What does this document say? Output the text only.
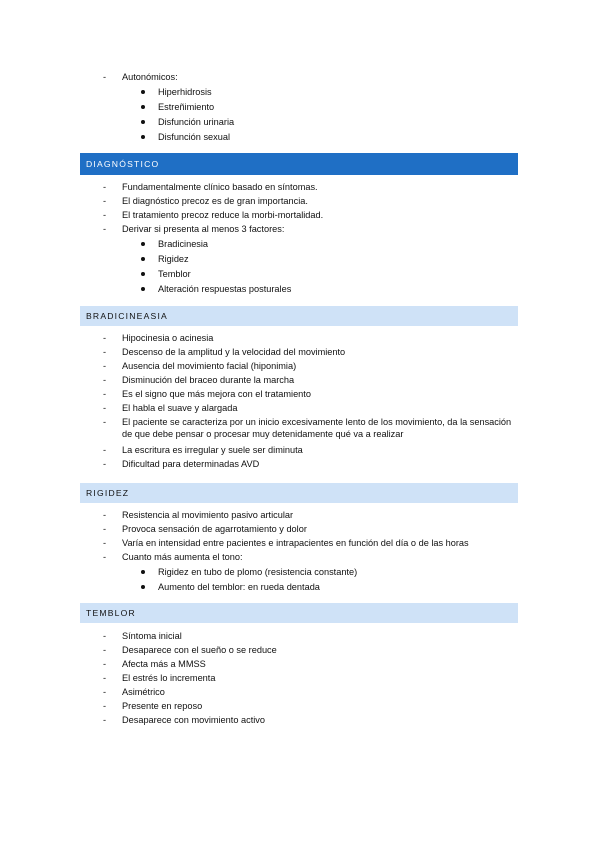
-	Autonómicos:
Hiperhidrosis
Estreñimiento
Disfunción urinaria
Disfunción sexual
DIAGNÓSTICO
-	Fundamentalmente clínico basado en síntomas.
-	El diagnóstico precoz es de gran importancia.
-	El tratamiento precoz reduce la morbi-mortalidad.
-	Derivar si presenta al menos 3 factores:
Bradicinesia
Rigidez
Temblor
Alteración respuestas posturales
BRADICINEASIA
-	Hipocinesia o acinesia
-	Descenso de la amplitud y la velocidad del movimiento
-	Ausencia del movimiento facial (hiponimia)
-	Disminución del braceo durante la marcha
-	Es el signo que más mejora con el tratamiento
-	El habla el suave y alargada
-	El paciente se caracteriza por un inicio excesivamente lento de los movimiento, da la sensación de que debe pensar o procesar muy detenidamente qué va a realizar
-	La escritura es irregular y suele ser diminuta
-	Dificultad para determinadas AVD
RIGIDEZ
-	Resistencia al movimiento pasivo articular
-	Provoca sensación de agarrotamiento y dolor
-	Varía en intensidad entre pacientes e intrapacientes en función del día o de las horas
-	Cuanto más aumenta el tono:
Rigidez en tubo de plomo (resistencia constante)
Aumento del temblor: en rueda dentada
TEMBLOR
-	Síntoma inicial
-	Desaparece con el sueño o se reduce
-	Afecta más a MMSS
-	El estrés lo incrementa
-	Asimétrico
-	Presente en reposo
-	Desaparece con movimiento activo
